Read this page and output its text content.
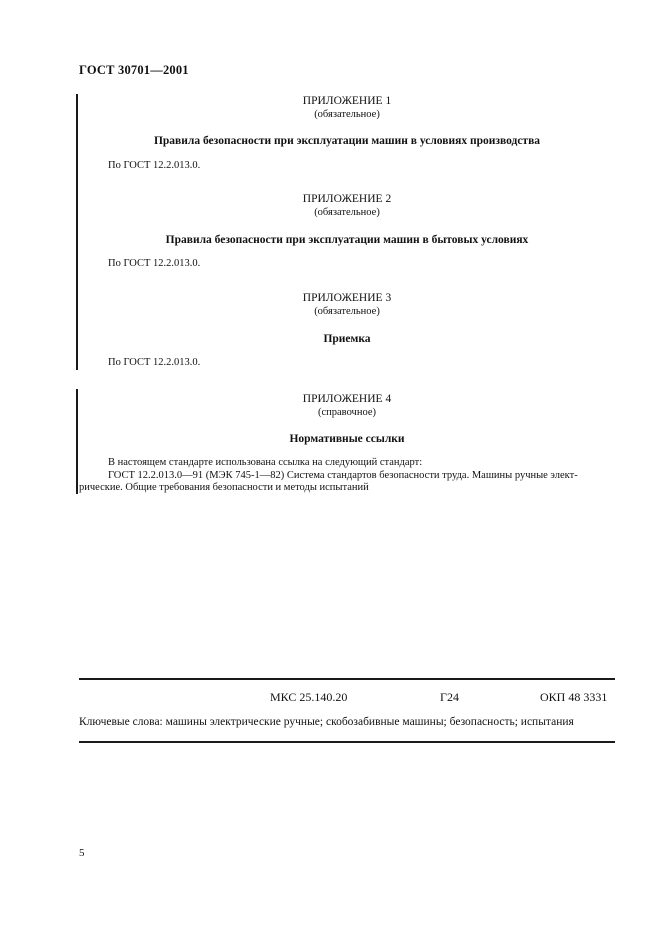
ГОСТ 30701—2001
ПРИЛОЖЕНИЕ 1
(обязательное)
Правила безопасности при эксплуатации машин в условиях производства
По ГОСТ 12.2.013.0.
ПРИЛОЖЕНИЕ 2
(обязательное)
Правила безопасности при эксплуатации машин в бытовых условиях
По ГОСТ 12.2.013.0.
ПРИЛОЖЕНИЕ 3
(обязательное)
Приемка
По ГОСТ 12.2.013.0.
ПРИЛОЖЕНИЕ 4
(справочное)
Нормативные ссылки

В настоящем стандарте использована ссылка на следующий стандарт:

ГОСТ 12.2.013.0—91 (МЭК 745-1—82) Система стандартов безопасности труда. Машины ручные элект-

рические. Общие требования безопасности и методы испытаний

МКС 25.140.20	Г24	ОКП 48 3331
Ключевые слова: машины электрические ручные; скобозабивные машины; безопасность; испытания
5
